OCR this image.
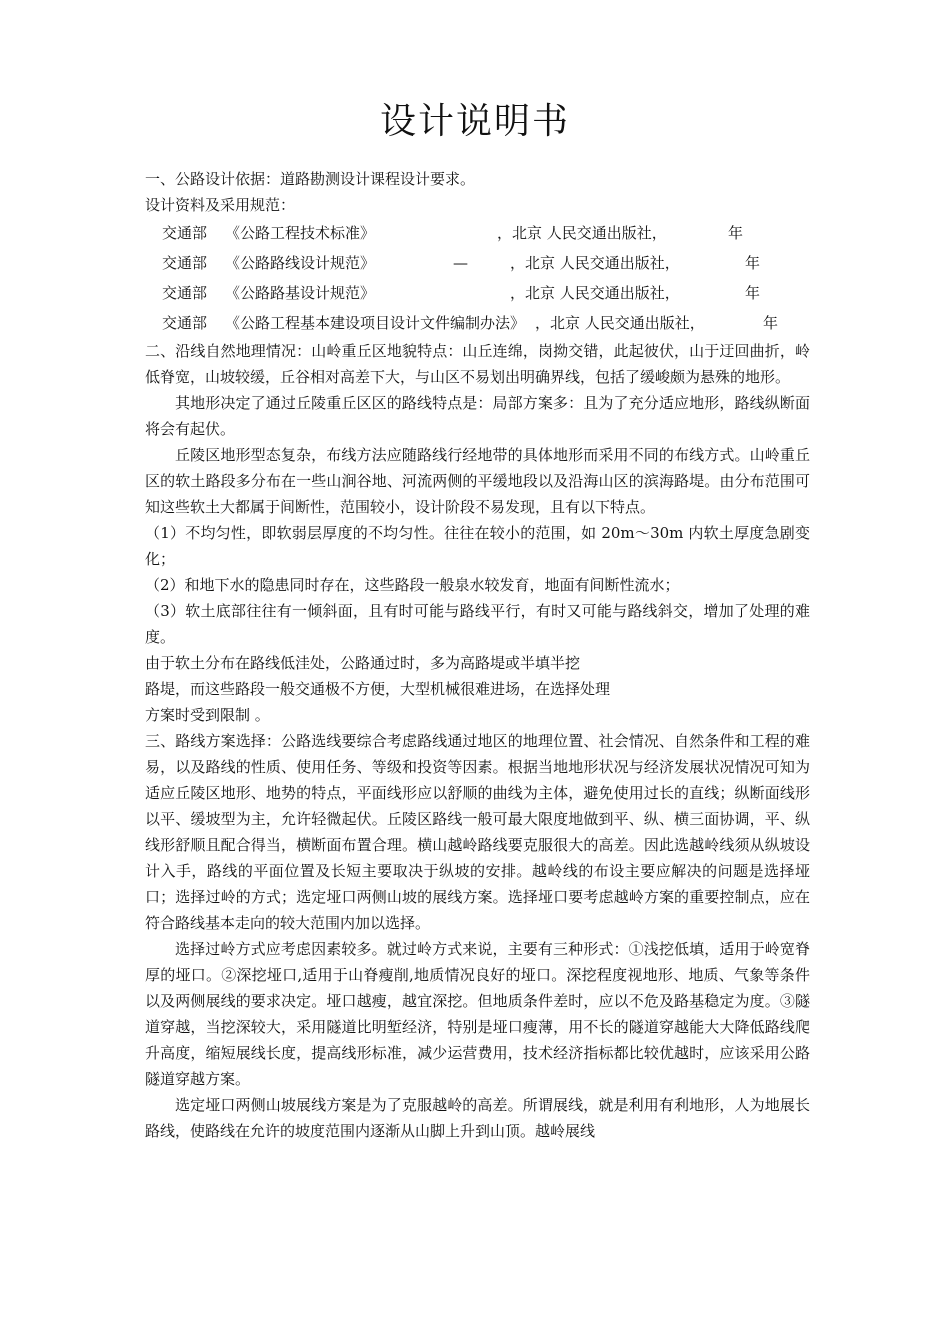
设计说明书

一、公路设计依据：道路勘测设计课程设计要求。

设计资料及采用规范：

交通部 《公路工程技术标准》	，北京 人民交通出版社，	年
交通部 《公路路线设计规范》	—	，北京 人民交通出版社，	年
交通部 《公路路基设计规范》	，北京 人民交通出版社，	年
交通部 《公路工程基本建设项目设计文件编制办法》 ，北京 人民交通出版社，	年

二、沿线自然地理情况：山岭重丘区地貌特点：山丘连绵，岗拗交错，此起彼伏，山于迂回曲折，岭低脊宽，山坡较缓，丘谷相对高差下大，与山区不易划出明确界线，包括了缓峻颇为悬殊的地形。

其地形决定了通过丘陵重丘区区的路线特点是：局部方案多：且为了充分适应地形，路线纵断面将会有起伏。

丘陵区地形型态复杂，布线方法应随路线行经地带的具体地形而采用不同的布线方式。山岭重丘区的软土路段多分布在一些山涧谷地、河流两侧的平缓地段以及沿海山区的滨海路堤。由分布范围可知这些软土大都属于间断性，范围较小，设计阶段不易发现，且有以下特点。

（1）不均匀性，即软弱层厚度的不均匀性。往往在较小的范围，如 20m～30m 内软土厚度急剧变化；

（2）和地下水的隐患同时存在，这些路段一般泉水较发育，地面有间断性流水；

（3）软土底部往往有一倾斜面，且有时可能与路线平行，有时又可能与路线斜交，增加了处理的难度。

由于软土分布在路线低洼处，公路通过时，多为高路堤或半填半挖

路堤，而这些路段一般交通极不方便，大型机械很难进场，在选择处理

方案时受到限制 。

三、路线方案选择：公路选线要综合考虑路线通过地区的地理位置、社会情况、自然条件和工程的难易，以及路线的性质、使用任务、等级和投资等因素。根据当地地形状况与经济发展状况情况可知为适应丘陵区地形、地势的特点，平面线形应以舒顺的曲线为主体，避免使用过长的直线；纵断面线形以平、缓坡型为主，允许轻微起伏。丘陵区路线一般可最大限度地做到平、纵、横三面协调，平、纵线形舒顺且配合得当，横断面布置合理。横山越岭路线要克服很大的高差。因此选越岭线须从纵坡设计入手，路线的平面位置及长短主要取决于纵坡的安排。越岭线的布设主要应解决的问题是选择垭口；选择过岭的方式；选定垭口两侧山坡的展线方案。选择垭口要考虑越岭方案的重要控制点，应在符合路线基本走向的较大范围内加以选择。

选择过岭方式应考虑因素较多。就过岭方式来说，主要有三种形式：①浅挖低填，适用于岭宽脊厚的垭口。②深挖垭口,适用于山脊瘦削,地质情况良好的垭口。深挖程度视地形、地质、气象等条件以及两侧展线的要求决定。垭口越瘦，越宜深挖。但地质条件差时，应以不危及路基稳定为度。③隧道穿越，当挖深较大，采用隧道比明堑经济，特别是垭口瘦薄，用不长的隧道穿越能大大降低路线爬升高度，缩短展线长度，提高线形标准，减少运营费用，技术经济指标都比较优越时，应该采用公路隧道穿越方案。

选定垭口两侧山坡展线方案是为了克服越岭的高差。所谓展线，就是利用有利地形，人为地展长路线，使路线在允许的坡度范围内逐渐从山脚上升到山顶。越岭展线
